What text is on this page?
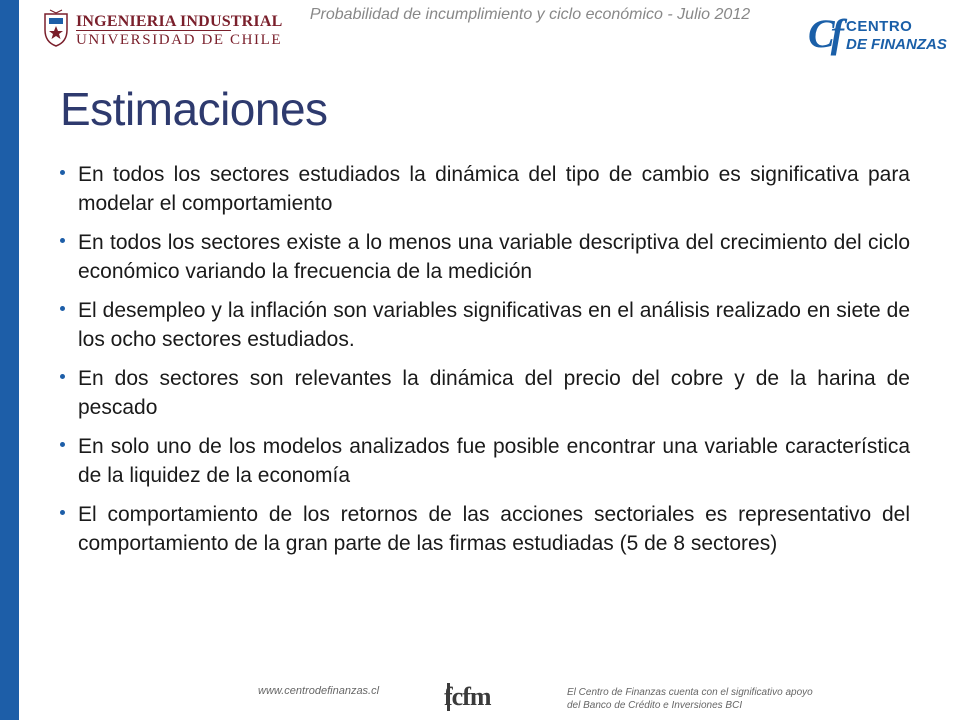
INGENIERIA INDUSTRIAL
UNIVERSIDAD DE CHILE
Probabilidad de incumplimiento y ciclo económico - Julio 2012	Cf CENTRO
DE FINANZAS
Estimaciones
En todos los sectores estudiados la dinámica del tipo de cambio es significativa para modelar el comportamiento
En todos los sectores existe a lo menos una variable descriptiva del crecimiento del ciclo económico variando la frecuencia de la medición
El desempleo y la inflación son variables significativas en el análisis realizado en siete de los ocho sectores estudiados.
En dos sectores son relevantes la dinámica del precio del cobre y de la harina de pescado
En solo uno de los modelos analizados fue posible encontrar una variable característica de la liquidez de la economía
El comportamiento de los retornos de las acciones sectoriales es representativo del comportamiento de la gran parte de las firmas estudiadas (5 de 8 sectores)
www.centrodefinanzas.cl fcfm	El Centro de Finanzas cuenta con el significativo apoyo del Banco de Crédito e Inversiones BCI
